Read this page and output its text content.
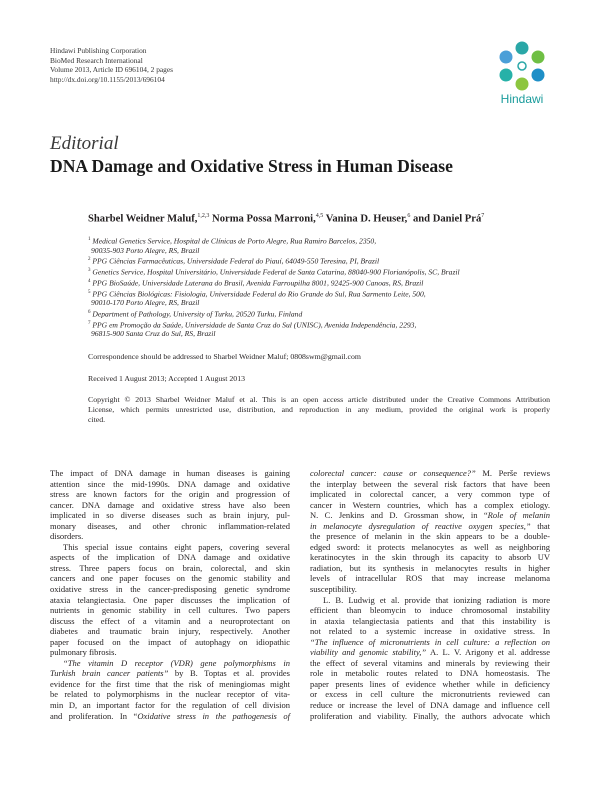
Hindawi Publishing Corporation
BioMed Research International
Volume 2013, Article ID 696104, 2 pages
http://dx.doi.org/10.1155/2013/696104
Hindawi
Editorial
DNA Damage and Oxidative Stress in Human Disease
Sharbel Weidner Maluf,$^{1,2,3}$ Norma Possa Marroni,$^{4,5}$ Vanina D. Heuser,$^6$ and Daniel Prá$^7$
$^1$ Medical Genetics Service, Hospital de Clínicas de Porto Alegre, Rua Ramiro Barcelos, 2350,
90035-903 Porto Alegre, RS, Brazil
$^2$ PPG Ciências Farmacêuticas, Universidade Federal do Piauí, 64049-550 Teresina, PI, Brazil
$^3$ Genetics Service, Hospital Universitário, Universidade Federal de Santa Catarina, 88040-900 Florianópolis, SC, Brazil
$^4$ PPG BioSaúde, Universidade Luterana do Brasil, Avenida Farroupilha 8001, 92425-900 Canoas, RS, Brazil
$^5$ PPG Ciências Biológicas: Fisiologia, Universidade Federal do Rio Grande do Sul, Rua Sarmento Leite, 500,
90010-170 Porto Alegre, RS, Brazil
$^6$ Department of Pathology, University of Turku, 20520 Turku, Finland
$^7$ PPG em Promoção da Saúde, Universidade de Santa Cruz do Sul (UNISC), Avenida Independência, 2293,
96815-900 Santa Cruz do Sul, RS, Brazil
Correspondence should be addressed to Sharbel Weidner Maluf; 0808swm@gmail.com
Received 1 August 2013; Accepted 1 August 2013
Copyright © 2013 Sharbel Weidner Maluf et al. This is an open access article distributed under the Creative Commons Attribution
License, which permits unrestricted use, distribution, and reproduction in any medium, provided the original work is properly
cited.
The impact of DNA damage in human diseases is gaining
attention since the mid-1990s. DNA damage and oxidative
stress are known factors for the origin and progression of
cancer. DNA damage and oxidative stress have also been
implicated in so diverse diseases such as brain injury, pul-
monary diseases, and other chronic inflammation-related
disorders.
This special issue contains eight papers, covering several
aspects of the implication of DNA damage and oxidative
stress. Three papers focus on brain, colorectal, and skin
cancers and one paper focuses on the genomic stability and
oxidative stress in the cancer-predisposing genetic syndrome
ataxia telangiectasia. One paper discusses the implication of
nutrients in genomic stability in cell cultures. Two papers
discuss the effect of a vitamin and a neuroprotectant on
diabetes and traumatic brain injury, respectively. Another
paper focused on the impact of autophagy on idiopathic
pulmonary fibrosis.
“The vitamin D receptor (VDR) gene polymorphisms in
Turkish brain cancer patients” by B. Toptas et al. provides
evidence for the first time that the risk of meningiomas might
be related to polymorphisms in the nuclear receptor of vita-
min D, an important factor for the regulation of cell division
and proliferation. In “Oxidative stress in the pathogenesis of
colorectal cancer: cause or consequence?” M. Perše reviews
the interplay between the several risk factors that have been
implicated in colorectal cancer, a very common type of
cancer in Western countries, which has a complex etiology.
N. C. Jenkins and D. Grossman show, in “Role of melanin
in melanocyte dysregulation of reactive oxygen species,” that
the presence of melanin in the skin appears to be a double-
edged sword: it protects melanocytes as well as neighboring
keratinocytes in the skin through its capacity to absorb UV
radiation, but its synthesis in melanocytes results in higher
levels of intracellular ROS that may increase melanoma
susceptibility.
L. B. Ludwig et al. provide that ionizing radiation is more
efficient than bleomycin to induce chromosomal instability
in ataxia telangiectasia patients and that this instability is
not related to a systemic increase in oxidative stress. In
“The influence of micronutrients in cell culture: a reflection on
viability and genomic stability,” A. L. V. Arigony et al. addresse
the effect of several vitamins and minerals by reviewing their
role in metabolic routes related to DNA homeostasis. The
paper presents lines of evidence whether while in deficiency
or excess in cell culture the micronutrients reviewed can
reduce or increase the level of DNA damage and influence cell
proliferation and viability. Finally, the authors advocate which
